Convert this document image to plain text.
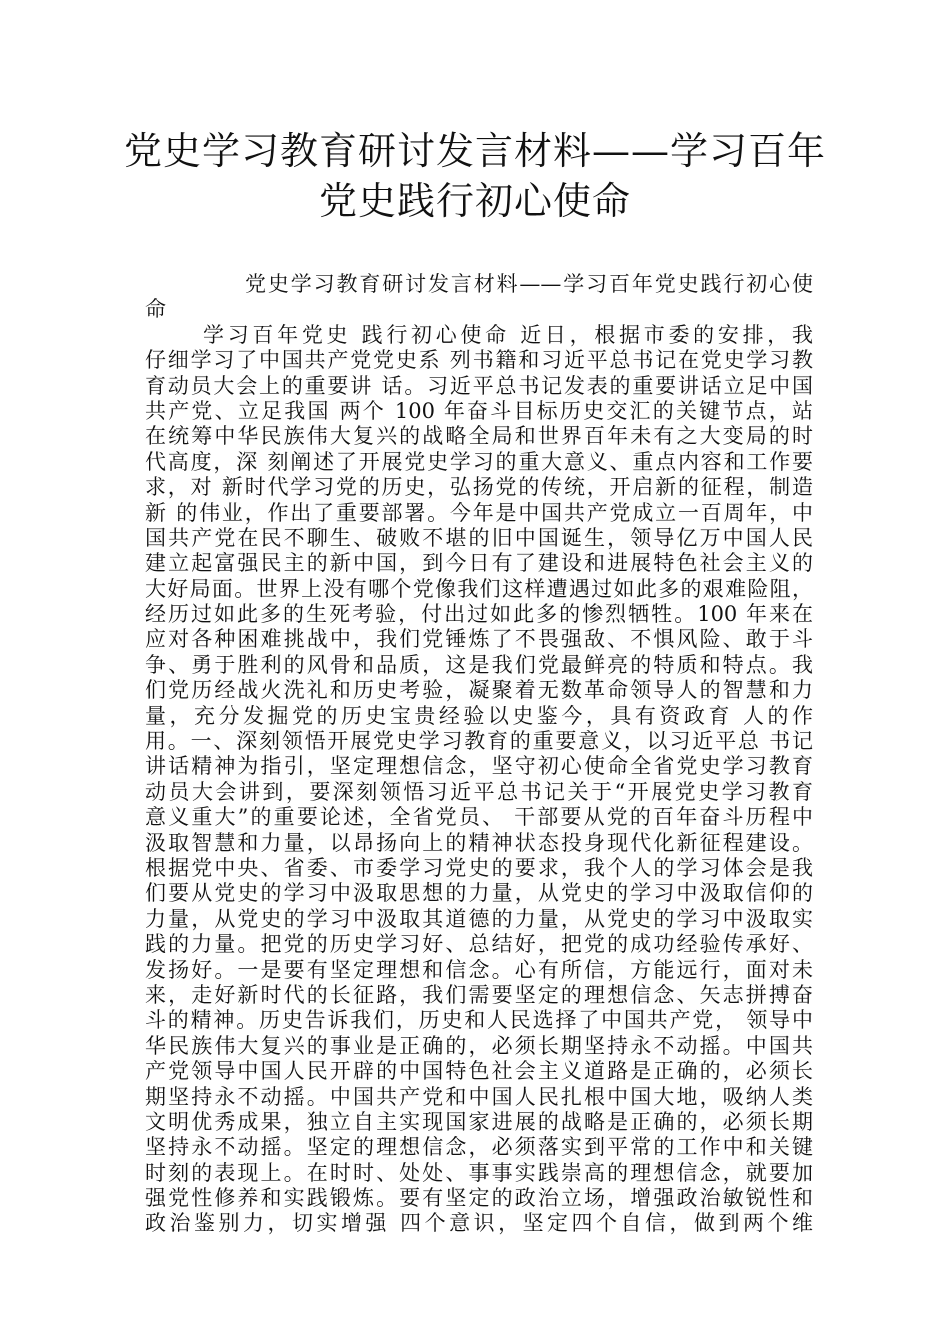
党史学习教育研讨发言材料——学习百年
党史践行初心使命
党史学习教育研讨发言材料——学习百年党史践行初心使
命
学习百年党史 践行初心使命 近日，根据市委的安排，我
仔细学习了中国共产党党史系 列书籍和习近平总书记在党史学习教
育动员大会上的重要讲 话。习近平总书记发表的重要讲话立足中国
共产党、立足我国 两个 100 年奋斗目标历史交汇的关键节点，站
在统筹中华民族伟大复兴的战略全局和世界百年未有之大变局的时
代高度，深 刻阐述了开展党史学习的重大意义、重点内容和工作要
求，对 新时代学习党的历史，弘扬党的传统，开启新的征程，制造
新 的伟业，作出了重要部署。今年是中国共产党成立一百周年，中
国共产党在民不聊生、破败不堪的旧中国诞生，领导亿万中国人民
建立起富强民主的新中国，到今日有了建设和进展特色社会主义的
大好局面。世界上没有哪个党像我们这样遭遇过如此多的艰难险阻，
经历过如此多的生死考验，付出过如此多的惨烈牺牲。100 年来在
应对各种困难挑战中，我们党锤炼了不畏强敌、不惧风险、敢于斗
争、勇于胜利的风骨和品质，这是我们党最鲜亮的特质和特点。我
们党历经战火洗礼和历史考验，凝聚着无数革命领导人的智慧和力
量，充分发掘党的历史宝贵经验以史鉴今，具有资政育 人的作
用。一、深刻领悟开展党史学习教育的重要意义，以习近平总 书记
讲话精神为指引，坚定理想信念，坚守初心使命全省党史学习教育
动员大会讲到，要深刻领悟习近平总书记关于“开展党史学习教育
意义重大”的重要论述，全省党员、 干部要从党的百年奋斗历程中
汲取智慧和力量，以昂扬向上的精神状态投身现代化新征程建设。
根据党中央、省委、市委学习党史的要求，我个人的学习体会是我
们要从党史的学习中汲取思想的力量，从党史的学习中汲取信仰的
力量，从党史的学习中汲取其道德的力量，从党史的学习中汲取实
践的力量。把党的历史学习好、总结好，把党的成功经验传承好、
发扬好。一是要有坚定理想和信念。心有所信，方能远行，面对未
来，走好新时代的长征路，我们需要坚定的理想信念、矢志拼搏奋
斗的精神。历史告诉我们，历史和人民选择了中国共产党， 领导中
华民族伟大复兴的事业是正确的，必须长期坚持永不动摇。中国共
产党领导中国人民开辟的中国特色社会主义道路是正确的，必须长
期坚持永不动摇。中国共产党和中国人民扎根中国大地，吸纳人类
文明优秀成果，独立自主实现国家进展的战略是正确的，必须长期
坚持永不动摇。坚定的理想信念，必须落实到平常的工作中和关键
时刻的表现上。在时时、处处、事事实践崇高的理想信念，就要加
强党性修养和实践锻炼。要有坚定的政治立场，增强政治敏锐性和
政治鉴别力，切实增强 四个意识，坚定四个自信，做到两个维
